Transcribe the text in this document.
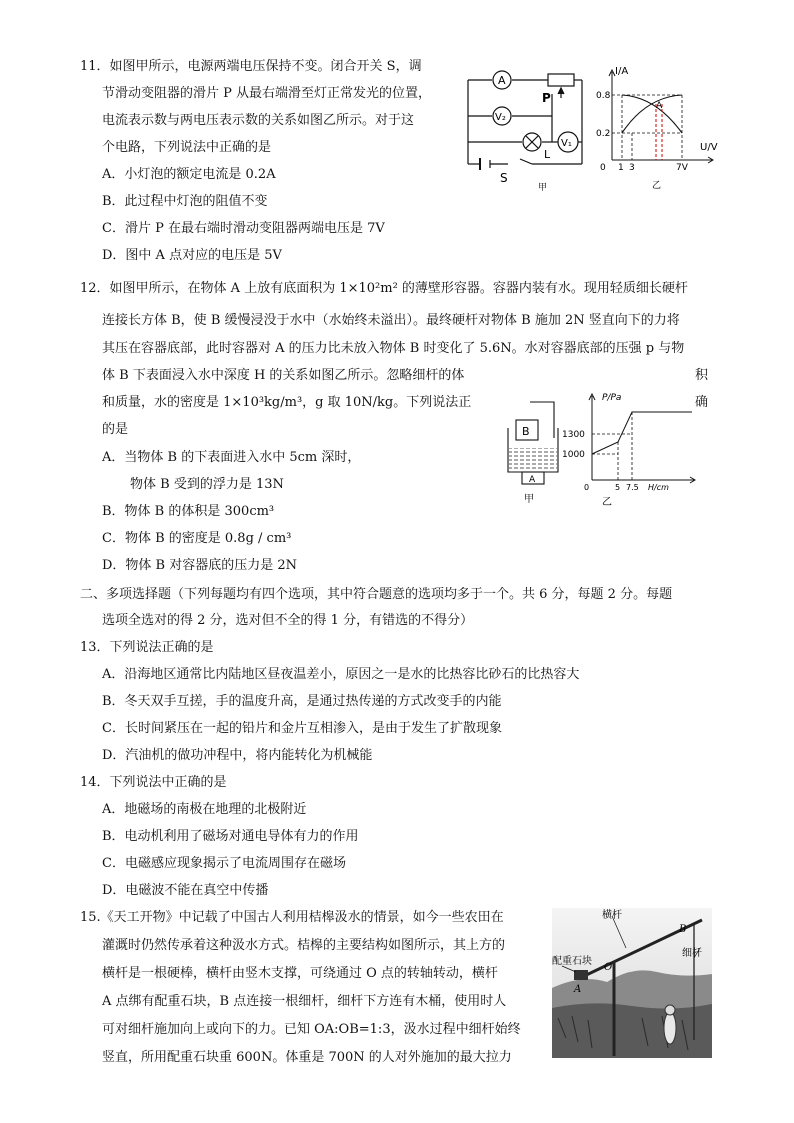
11．如图甲所示，电源两端电压保持不变。闭合开关 S，调
节滑动变阻器的滑片 P 从最右端滑至灯正常发光的位置，
电流表示数与两电压表示数的关系如图乙所示。对于这
个电路，下列说法中正确的是
A．小灯泡的额定电流是 0.2A
B．此过程中灯泡的阻值不变
C．滑片 P 在最右端时滑动变阻器两端电压是 7V
D．图中 A 点对应的电压是 5V
A
V₂
V₁
P
L
S
甲
I/A
U/V
0.8
0.2
0 1 3	7V
A
乙
12．如图甲所示，在物体 A 上放有底面积为 1×10²m² 的薄壁形容器。容器内装有水。现用轻质细长硬杆
连接长方体 B，使 B 缓慢浸没于水中（水始终未溢出）。最终硬杆对物体 B 施加 2N 竖直向下的力将
其压在容器底部，此时容器对 A 的压力比未放入物体 B 时变化了 5.6N。水对容器底部的压强 p 与物
体 B 下表面浸入水中深度 H 的关系如图乙所示。忽略细杆的体	积
和质量，水的密度是 1×10³kg/m³，g 取 10N/kg。下列说法正	确
的是
A．当物体 B 的下表面进入水中 5cm 深时，
物体 B 受到的浮力是 13N
B．物体 B 的体积是 300cm³
C．物体 B 的密度是 0.8g / cm³
D．物体 B 对容器底的压力是 2N
B
A
甲
P/Pa
1300
1000
0	5 7.5 H/cm
乙
二、多项选择题（下列每题均有四个选项，其中符合题意的选项均多于一个。共 6 分，每题 2 分。每题
选项全选对的得 2 分，选对但不全的得 1 分，有错选的不得分）
13．下列说法正确的是
A．沿海地区通常比内陆地区昼夜温差小，原因之一是水的比热容比砂石的比热容大
B．冬天双手互搓，手的温度升高，是通过热传递的方式改变手的内能
C．长时间紧压在一起的铅片和金片互相渗入，是由于发生了扩散现象
D．汽油机的做功冲程中，将内能转化为机械能
14．下列说法中正确的是
A．地磁场的南极在地理的北极附近
B．电动机利用了磁场对通电导体有力的作用
C．电磁感应现象揭示了电流周围存在磁场
D．电磁波不能在真空中传播
15.《天工开物》中记载了中国古人利用桔槔汲水的情景，如今一些农田在
灌溉时仍然传承着这种汲水方式。桔槔的主要结构如图所示，其上方的
横杆是一根硬棒，横杆由竖木支撑，可绕通过 O 点的转轴转动，横杆
A 点绑有配重石块，B 点连接一根细杆，细杆下方连有木桶，使用时人
可对细杆施加向上或向下的力。已知 OA:OB=1:3，汲水过程中细杆始终
竖直，所用配重石块重 600N。体重是 700N 的人对外施加的最大拉力
横杆
B
细杆
配重石块
O
A
